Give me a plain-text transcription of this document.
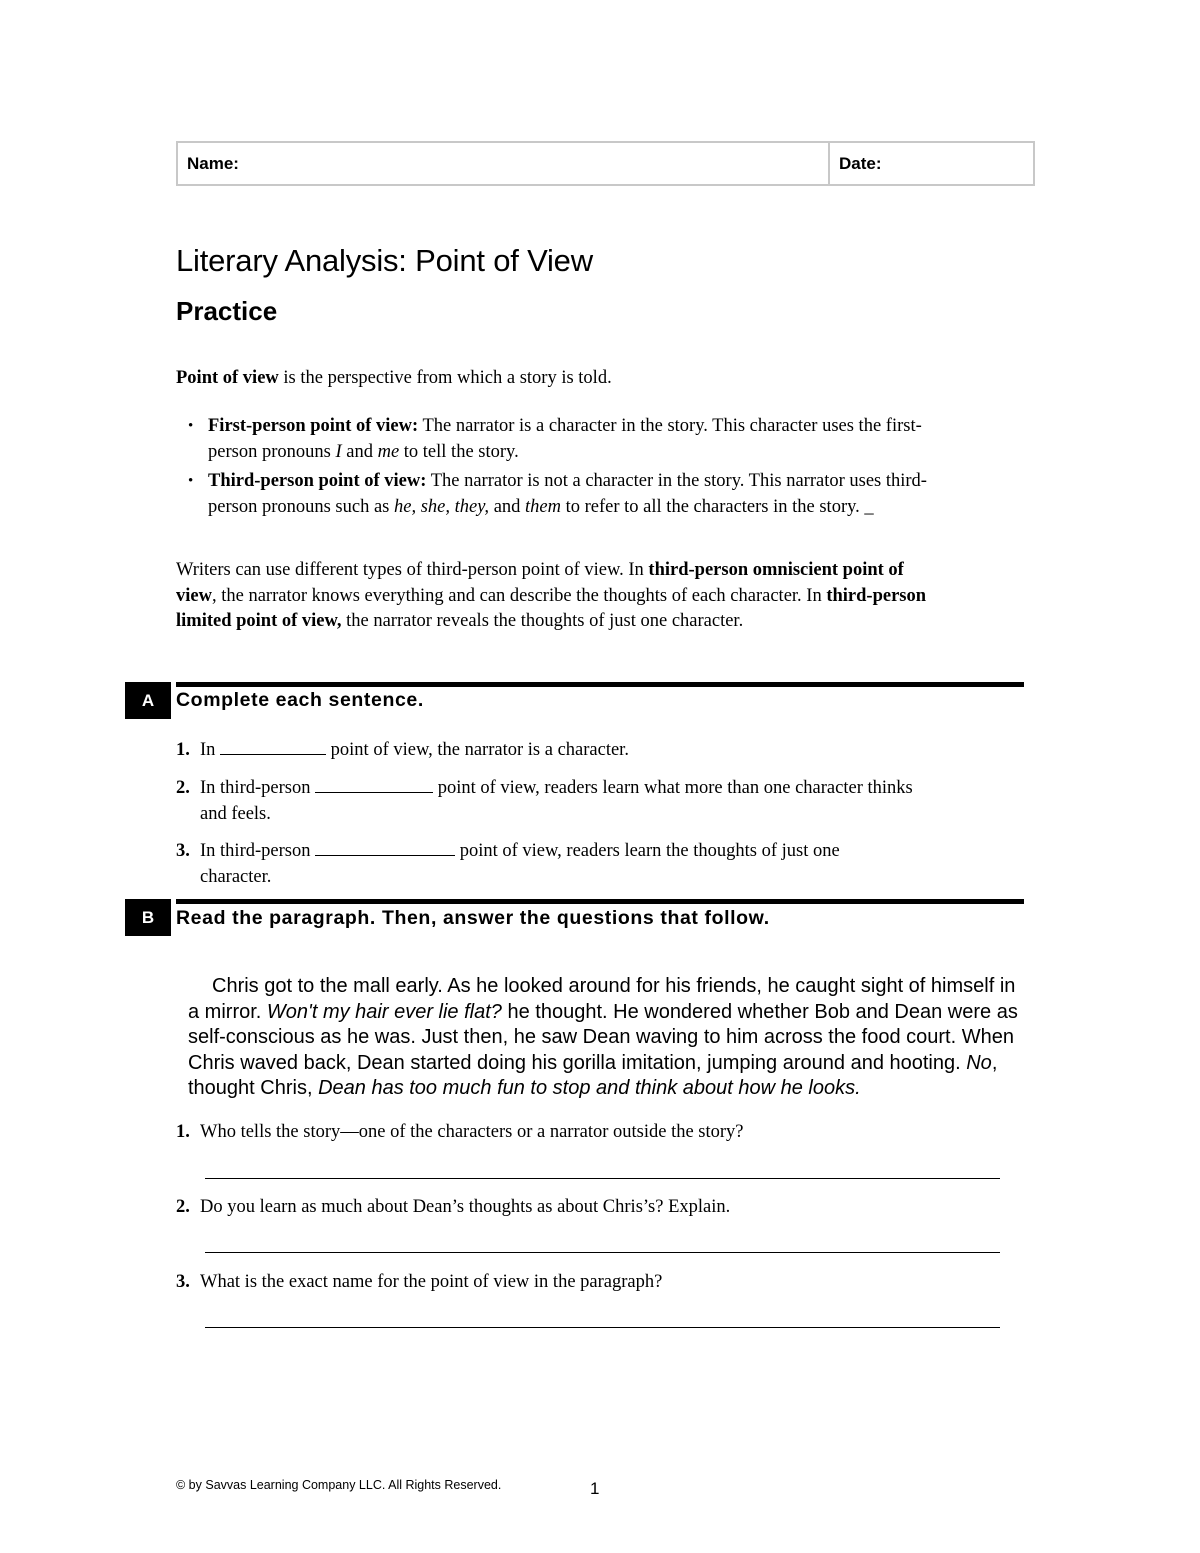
Name:	Date:
Literary Analysis: Point of View
Practice

Point of view is the perspective from which a story is told.

• First-person point of view: The narrator is a character in the story. This character uses the first-person pronouns I and me to tell the story.
• Third-person point of view: The narrator is not a character in the story. This narrator uses third-person pronouns such as he, she, they, and them to refer to all the characters in the story. _

Writers can use different types of third-person point of view. In third-person omniscient point of view, the narrator knows everything and can describe the thoughts of each character. In third-person limited point of view, the narrator reveals the thoughts of just one character.

A	Complete each sentence.
1. In	point of view, the narrator is a character.
2. In third-person	point of view, readers learn what more than one character thinks
and feels.
3. In third-person	point of view, readers learn the thoughts of just one
character.
B	Read the paragraph. Then, answer the questions that follow.

Chris got to the mall early. As he looked around for his friends, he caught sight of himself in a mirror. Won't my hair ever lie flat? he thought. He wondered whether Bob and Dean were as self-conscious as he was. Just then, he saw Dean waving to him across the food court. When Chris waved back, Dean started doing his gorilla imitation, jumping around and hooting. No, thought Chris, Dean has too much fun to stop and think about how he looks.

1. Who tells the story—one of the characters or a narrator outside the story?
2. Do you learn as much about Dean’s thoughts as about Chris’s? Explain.
3. What is the exact name for the point of view in the paragraph?
© by Savvas Learning Company LLC. All Rights Reserved.	1
